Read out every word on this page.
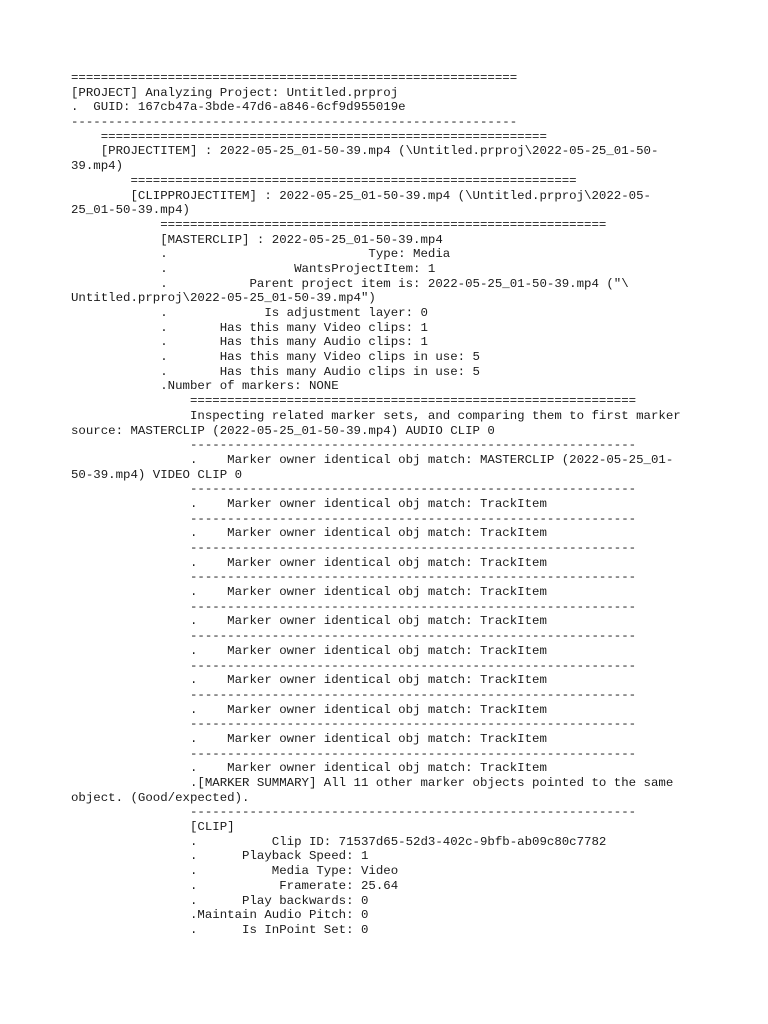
============================================================
[PROJECT] Analyzing Project: Untitled.prproj
.  GUID: 167cb47a-3bde-47d6-a846-6cf9d955019e
------------------------------------------------------------
============================================================
[PROJECTITEM] : 2022-05-25_01-50-39.mp4 (\Untitled.prproj\2022-05-25_01-50-
39.mp4)
============================================================
[CLIPPROJECTITEM] : 2022-05-25_01-50-39.mp4 (\Untitled.prproj\2022-05-
25_01-50-39.mp4)
============================================================
[MASTERCLIP] : 2022-05-25_01-50-39.mp4
.                           Type: Media
.                 WantsProjectItem: 1
.           Parent project item is: 2022-05-25_01-50-39.mp4 ("\
Untitled.prproj\2022-05-25_01-50-39.mp4")
.             Is adjustment layer: 0
.       Has this many Video clips: 1
.       Has this many Audio clips: 1
.       Has this many Video clips in use: 5
.       Has this many Audio clips in use: 5
.Number of markers: NONE
============================================================
Inspecting related marker sets, and comparing them to first marker
source: MASTERCLIP (2022-05-25_01-50-39.mp4) AUDIO CLIP 0
------------------------------------------------------------
.    Marker owner identical obj match: MASTERCLIP (2022-05-25_01-
50-39.mp4) VIDEO CLIP 0
------------------------------------------------------------
.    Marker owner identical obj match: TrackItem
------------------------------------------------------------
.    Marker owner identical obj match: TrackItem
------------------------------------------------------------
.    Marker owner identical obj match: TrackItem
------------------------------------------------------------
.    Marker owner identical obj match: TrackItem
------------------------------------------------------------
.    Marker owner identical obj match: TrackItem
------------------------------------------------------------
.    Marker owner identical obj match: TrackItem
------------------------------------------------------------
.    Marker owner identical obj match: TrackItem
------------------------------------------------------------
.    Marker owner identical obj match: TrackItem
------------------------------------------------------------
.    Marker owner identical obj match: TrackItem
------------------------------------------------------------
.    Marker owner identical obj match: TrackItem
.[MARKER SUMMARY] All 11 other marker objects pointed to the same
object. (Good/expected).
------------------------------------------------------------
[CLIP]
.          Clip ID: 71537d65-52d3-402c-9bfb-ab09c80c7782
.      Playback Speed: 1
.          Media Type: Video
.           Framerate: 25.64
.      Play backwards: 0
.Maintain Audio Pitch: 0
.      Is InPoint Set: 0
